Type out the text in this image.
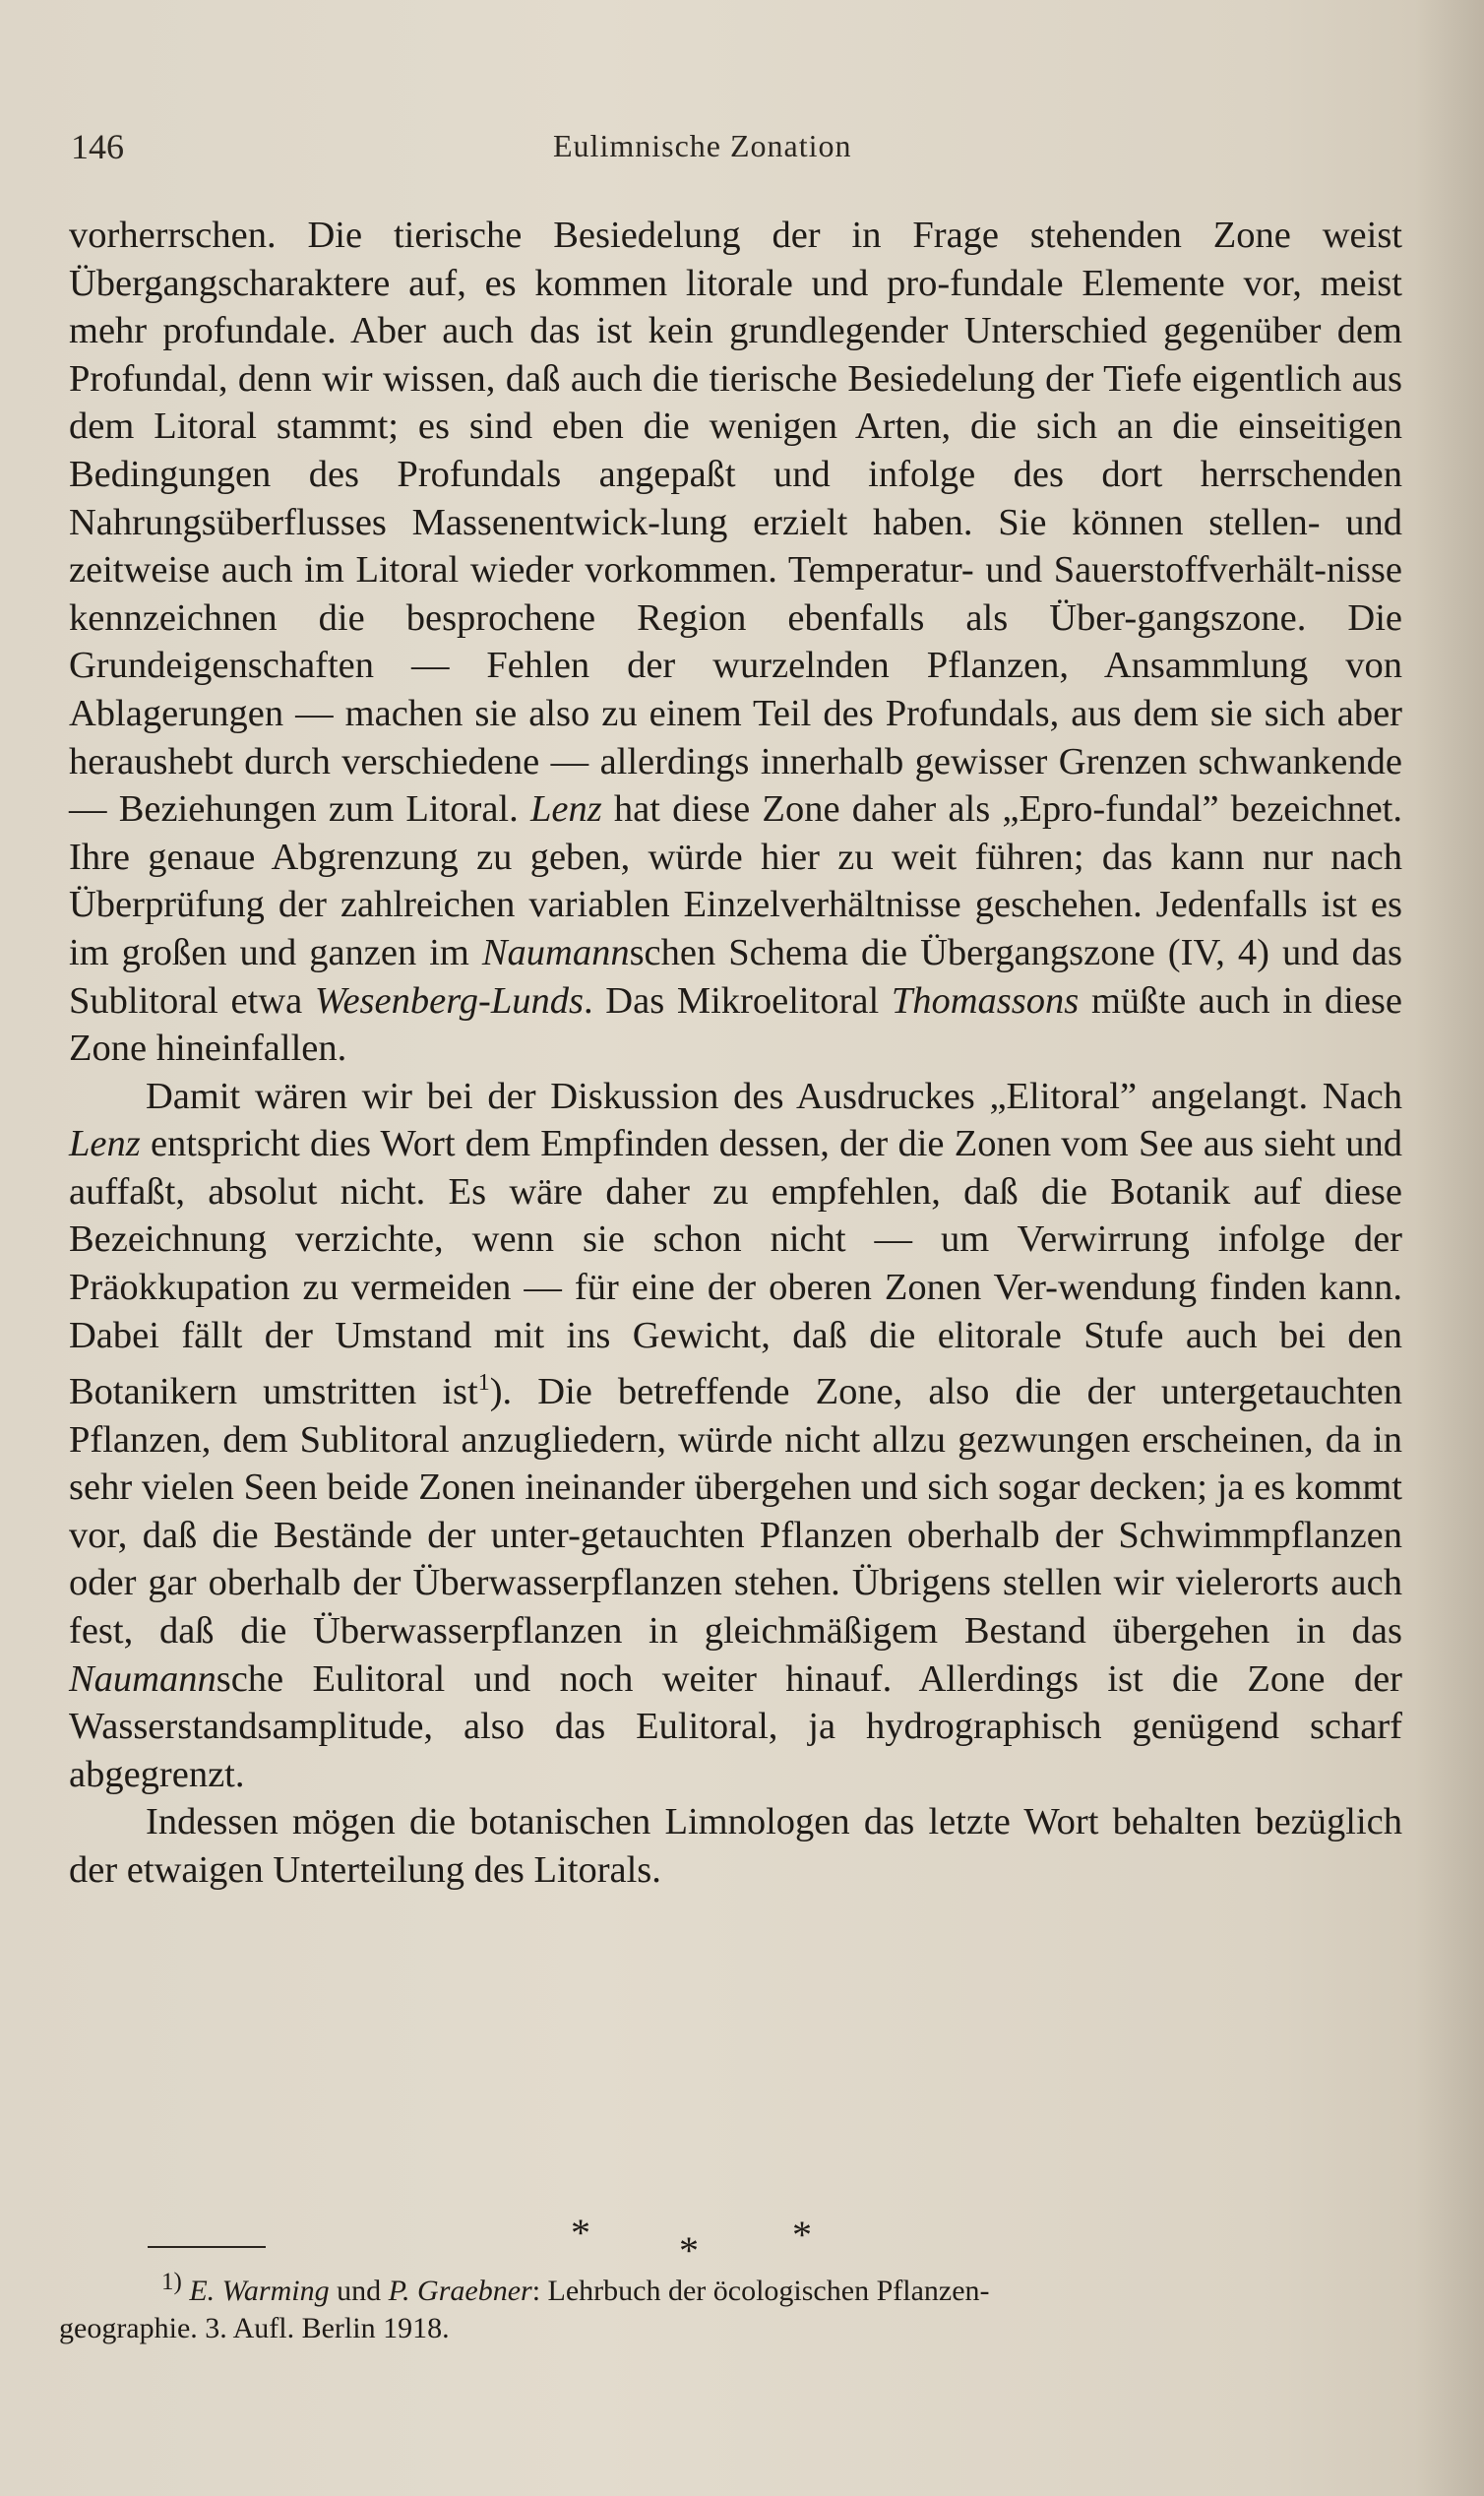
146	Eulimnische Zonation

vorherrschen. Die tierische Besiedelung der in Frage stehenden Zone weist Übergangscharaktere auf, es kommen litorale und pro-fundale Elemente vor, meist mehr profundale. Aber auch das ist kein grundlegender Unterschied gegenüber dem Profundal, denn wir wissen, daß auch die tierische Besiedelung der Tiefe eigentlich aus dem Litoral stammt; es sind eben die wenigen Arten, die sich an die einseitigen Bedingungen des Profundals angepaßt und infolge des dort herrschenden Nahrungsüberflusses Massenentwick-lung erzielt haben. Sie können stellen- und zeitweise auch im Litoral wieder vorkommen. Temperatur- und Sauerstoffverhält-nisse kennzeichnen die besprochene Region ebenfalls als Über-gangszone. Die Grundeigenschaften — Fehlen der wurzelnden Pflanzen, Ansammlung von Ablagerungen — machen sie also zu einem Teil des Profundals, aus dem sie sich aber heraushebt durch verschiedene — allerdings innerhalb gewisser Grenzen schwankende — Beziehungen zum Litoral. Lenz hat diese Zone daher als „Epro-fundal” bezeichnet. Ihre genaue Abgrenzung zu geben, würde hier zu weit führen; das kann nur nach Überprüfung der zahlreichen variablen Einzelverhältnisse geschehen. Jedenfalls ist es im großen und ganzen im Naumannschen Schema die Übergangszone (IV, 4) und das Sublitoral etwa Wesenberg-Lunds. Das Mikroelitoral Thomassons müßte auch in diese Zone hineinfallen.

Damit wären wir bei der Diskussion des Ausdruckes „Elitoral” angelangt. Nach Lenz entspricht dies Wort dem Empfinden dessen, der die Zonen vom See aus sieht und auffaßt, absolut nicht. Es wäre daher zu empfehlen, daß die Botanik auf diese Bezeichnung verzichte, wenn sie schon nicht — um Verwirrung infolge der Präokkupation zu vermeiden — für eine der oberen Zonen Ver-wendung finden kann. Dabei fällt der Umstand mit ins Gewicht, daß die elitorale Stufe auch bei den Botanikern umstritten ist$^1$). Die betreffende Zone, also die der untergetauchten Pflanzen, dem Sublitoral anzugliedern, würde nicht allzu gezwungen erscheinen, da in sehr vielen Seen beide Zonen ineinander übergehen und sich sogar decken; ja es kommt vor, daß die Bestände der unter-getauchten Pflanzen oberhalb der Schwimmpflanzen oder gar oberhalb der Überwasserpflanzen stehen. Übrigens stellen wir vielerorts auch fest, daß die Überwasserpflanzen in gleichmäßigem Bestand übergehen in das Naumannsche Eulitoral und noch weiter hinauf. Allerdings ist die Zone der Wasserstandsamplitude, also das Eulitoral, ja hydrographisch genügend scharf abgegrenzt.

Indessen mögen die botanischen Limnologen das letzte Wort behalten bezüglich der etwaigen Unterteilung des Litorals.

* * *
$^{1)}$ E. Warming und P. Graebner: Lehrbuch der öcologischen Pflanzen-
geographie. 3. Aufl. Berlin 1918.
